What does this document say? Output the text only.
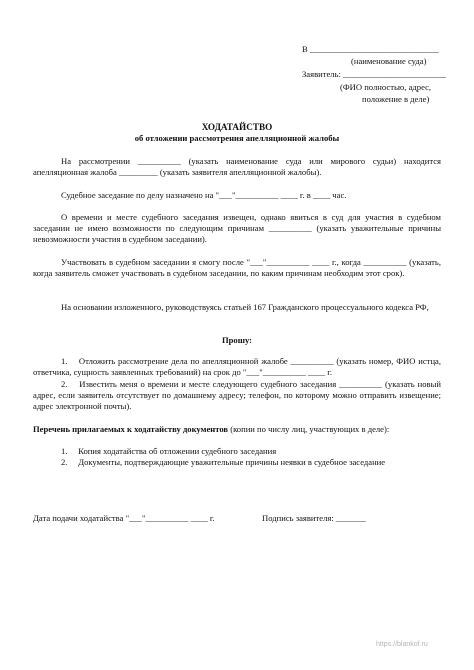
В ______________________________
(наименование суда)
Заявитель: ________________________
(ФИО полностью, адрес,
положение в деле)
ХОДАТАЙСТВО
об отложении рассмотрения апелляционной жалобы

На рассмотрении __________ (указать наименование суда или мирового судьи) находится апелляционная жалоба _________ (указать заявителя апелляционной жалобы).

Судебное заседание по делу назначено на "___"__________ ____ г. в ____ час.

О времени и месте судебного заседания извещен, однако явиться в суд для участия в судебном заседании не имею возможности по следующим причинам __________ (указать уважительные причины невозможности участия в судебном заседании).

Участвовать в судебном заседании я смогу после "___"__________ ____ г., когда __________ (указать, когда заявитель сможет участвовать в судебном заседании, по каким причинам необходим этот срок).

На основании изложенного, руководствуясь статьей 167 Гражданского процессуального кодекса РФ,

Прошу:

1. Отложить рассмотрение дела по апелляционной жалобе __________ (указать номер, ФИО истца, ответчика, сущность заявленных требований) на срок до "___"__________ ____ г.

2. Известить меня о времени и месте следующего судебного заседания __________ (указать новый адрес, если заявитель отсутствует по домашнему адресу; телефон, по которому можно отправить извещение; адрес электронной почты).

Перечень прилагаемых к ходатайству документов (копии по числу лиц, участвующих в деле):

1. Копия ходатайства об отложении судебного заседания
2. Документы, подтверждающие уважительные причины неявки в судебное заседание
Дата подачи ходатайства "___"__________ ____ г.	Подпись заявителя: _______
https://blankof.ru
